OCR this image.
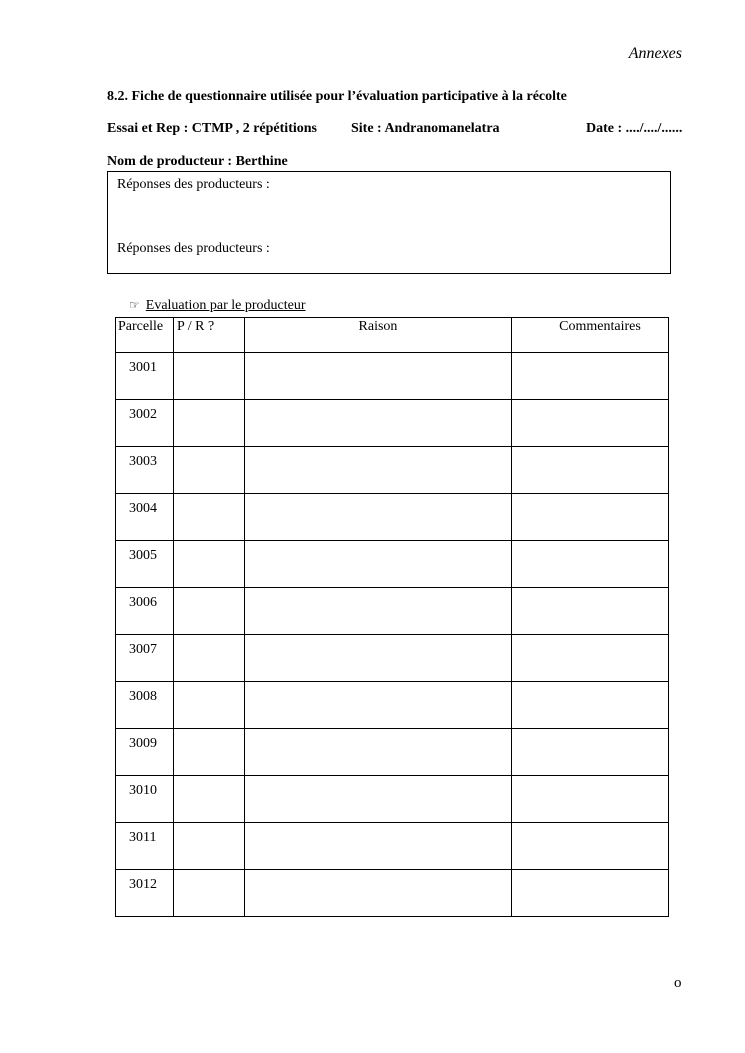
Annexes
8.2. Fiche de questionnaire utilisée pour l’évaluation participative à la récolte
Essai et Rep : CTMP , 2 répétitions Site : Andranomanelatra	Date : ..../..../......
Nom de producteur : Berthine
Réponses des producteurs :
Réponses des producteurs :
☞ Evaluation par le producteur
Parcelle	P / R ?	Raison	Commentaires
3001			
3002			
3003			
3004			
3005			
3006			
3007			
3008			
3009			
3010			
3011			
3012			
o
